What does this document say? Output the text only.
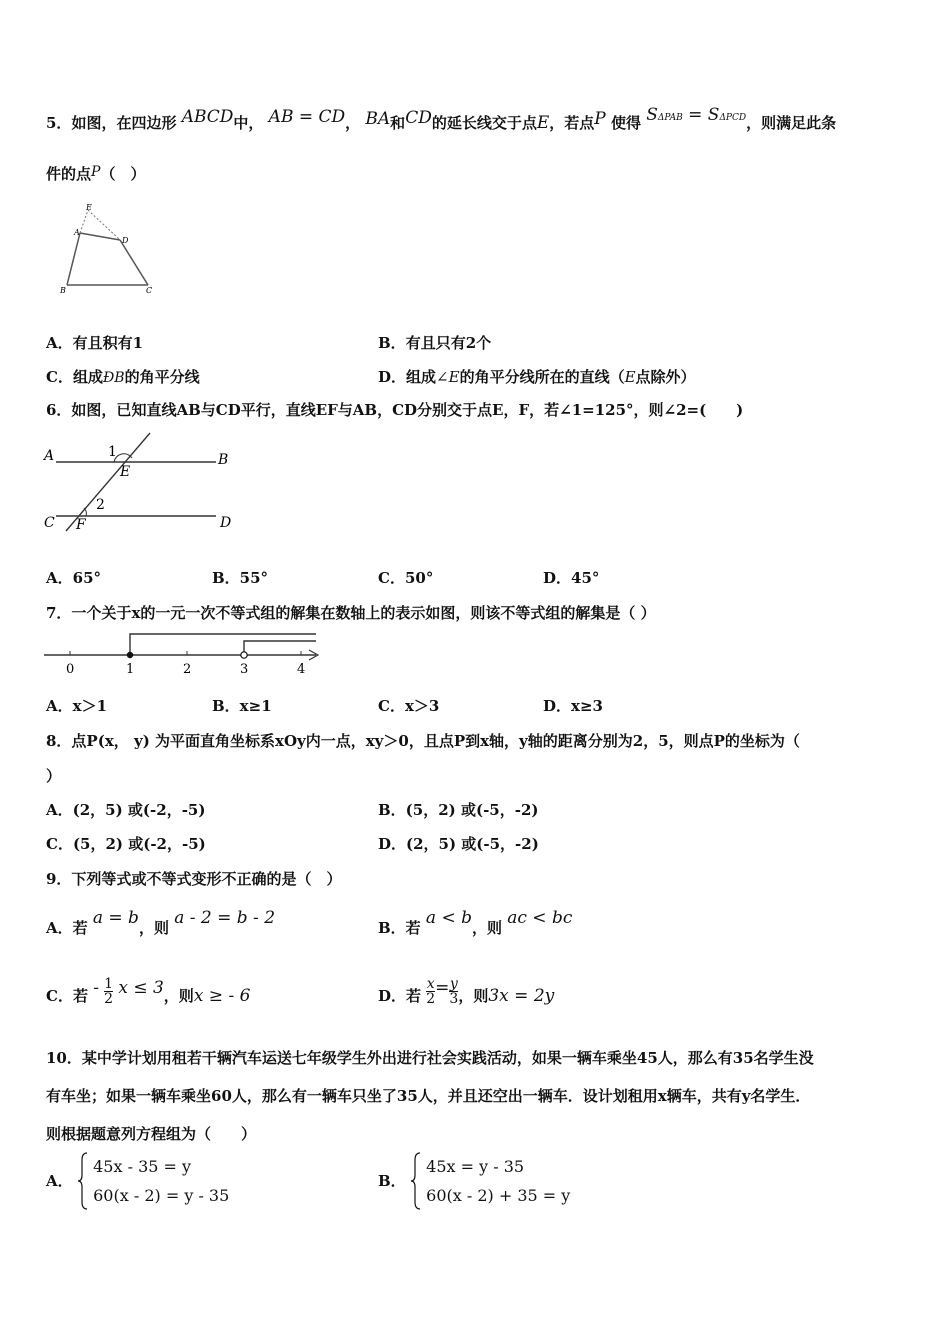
5．如图，在四边形 ABCD中， AB = CD， BA和CD的延长线交于点E，若点P 使得 SΔPAB = SΔPCD，则满足此条
件的点P（　）
E
A
D
B	C
A．有且积有1	B．有且只有2个
C．组成ÐB的角平分线	D．组成∠E的角平分线所在的直线（E点除外）
6．如图，已知直线AB与CD平行，直线EF与AB，CD分别交于点E，F，若∠1=125°，则∠2=(　　)
A	B
C	D
E
F
1
2
A．65°	B．55°	C．50°	D．45°
7．一个关于x的一元一次不等式组的解集在数轴上的表示如图，则该不等式组的解集是（ ）
0	1	2	3	4
A．x＞1	B．x≥1	C．x＞3	D．x≥3
8．点P(x， y) 为平面直角坐标系xOy内一点，xy＞0，且点P到x轴，y轴的距离分别为2，5，则点P的坐标为（
）
A．(2，5) 或(-2，-5)	B．(5，2) 或(-5，-2)
C．(5，2) 或(-2，-5)	D．(2，5) 或(-5，-2)
9．下列等式或不等式变形不正确的是（　）
A．若 a = b，则 a - 2 = b - 2	B．若 a < b，则 ac < bc
C．若 - $\frac{1}{2}$ x ≤ 3，则x ≥ - 6	D．若 $\frac{x}{2} = \frac{y}{3}$ ，则3x = 2y
10．某中学计划用租若干辆汽车运送七年级学生外出进行社会实践活动，如果一辆车乘坐45人，那么有35名学生没
有车坐；如果一辆车乘坐60人，那么有一辆车只坐了35人，并且还空出一辆车．设计划租用x辆车，共有y名学生．
则根据题意列方程组为（　　）
A．
45x - 35 = y
60(x - 2) = y - 35
B．
45x = y - 35
60(x - 2) + 35 = y
